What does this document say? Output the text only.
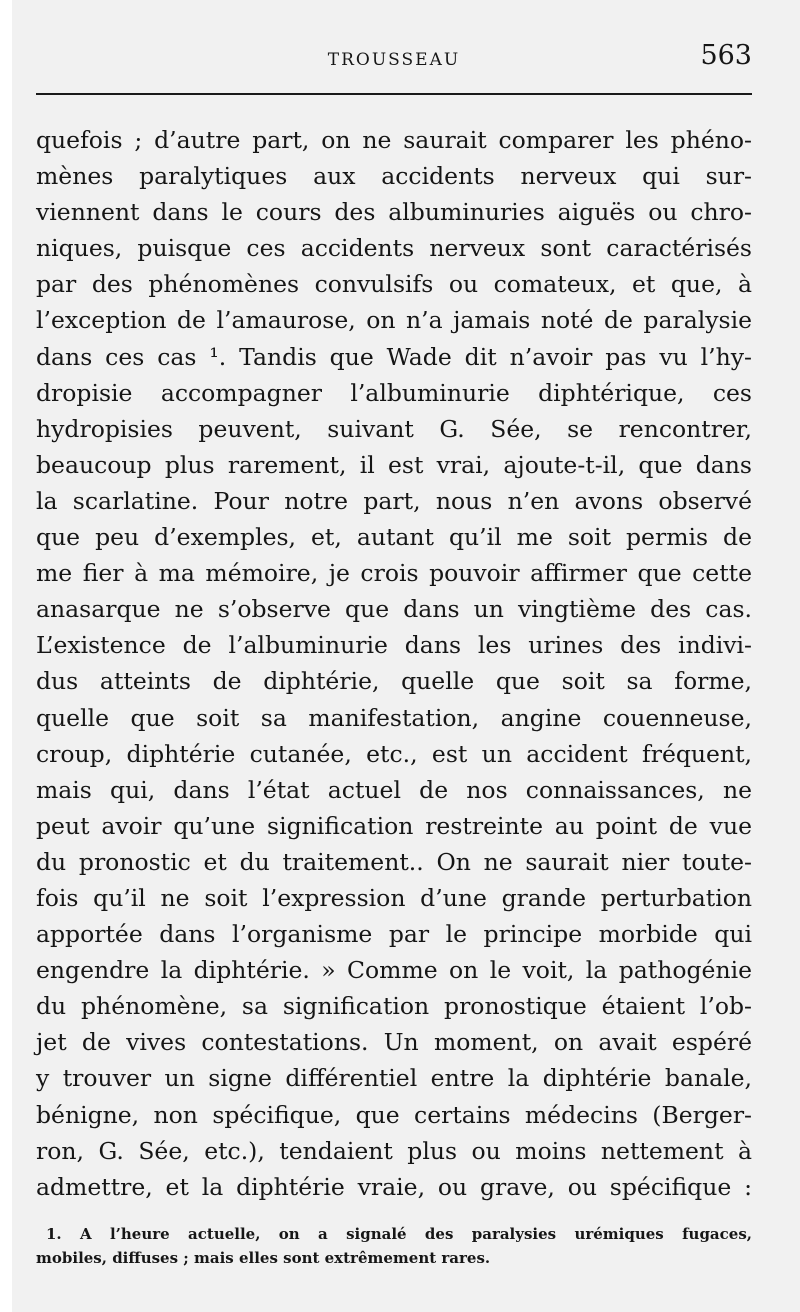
TROUSSEAU	563
quefois ; d’autre part, on ne saurait comparer les phéno-
mènes paralytiques aux accidents nerveux qui sur-
viennent dans le cours des albuminuries aiguës ou chro-
niques, puisque ces accidents nerveux sont caractérisés
par des phénomènes convulsifs ou comateux, et que, à
l’exception de l’amaurose, on n’a jamais noté de paralysie
dans ces cas ¹. Tandis que Wade dit n’avoir pas vu l’hy-
dropisie accompagner l’albuminurie diphtérique, ces
hydropisies peuvent, suivant G. Sée, se rencontrer,
beaucoup plus rarement, il est vrai, ajoute-t-il, que dans
la scarlatine. Pour notre part, nous n’en avons observé
que peu d’exemples, et, autant qu’il me soit permis de
me fier à ma mémoire, je crois pouvoir affirmer que cette
anasarque ne s’observe que dans un vingtième des cas.
L’existence de l’albuminurie dans les urines des indivi-
dus atteints de diphtérie, quelle que soit sa forme,
quelle que soit sa manifestation, angine couenneuse,
croup, diphtérie cutanée, etc., est un accident fréquent,
mais qui, dans l’état actuel de nos connaissances, ne
peut avoir qu’une signification restreinte au point de vue
du pronostic et du traitement.. On ne saurait nier toute-
fois qu’il ne soit l’expression d’une grande perturbation
apportée dans l’organisme par le principe morbide qui
engendre la diphtérie. » Comme on le voit, la pathogénie
du phénomène, sa signification pronostique étaient l’ob-
jet de vives contestations. Un moment, on avait espéré
y trouver un signe différentiel entre la diphtérie banale,
bénigne, non spécifique, que certains médecins (Berger-
ron, G. Sée, etc.), tendaient plus ou moins nettement à
admettre, et la diphtérie vraie, ou grave, ou spécifique :
1. A l’heure actuelle, on a signalé des paralysies urémiques fugaces,
mobiles, diffuses ; mais elles sont extrêmement rares.
